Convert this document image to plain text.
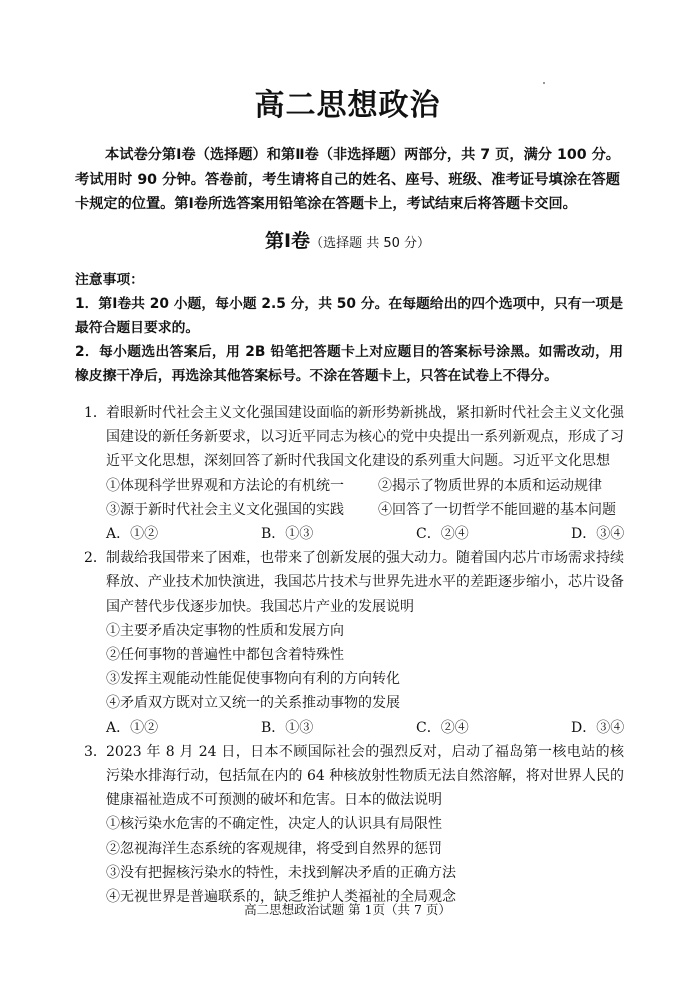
高二思想政治
本试卷分第Ⅰ卷（选择题）和第Ⅱ卷（非选择题）两部分，共 7 页，满分 100 分。考试用时 90 分钟。答卷前，考生请将自己的姓名、座号、班级、准考证号填涂在答题卡规定的位置。第Ⅰ卷所选答案用铅笔涂在答题卡上，考试结束后将答题卡交回。
第Ⅰ卷（选择题 共 50 分）
注意事项：
1．第Ⅰ卷共 20 小题，每小题 2.5 分，共 50 分。在每题给出的四个选项中，只有一项是最符合题目要求的。
2．每小题选出答案后，用 2B 铅笔把答题卡上对应题目的答案标号涂黑。如需改动，用橡皮擦干净后，再选涂其他答案标号。不涂在答题卡上，只答在试卷上不得分。
1． 着眼新时代社会主义文化强国建设面临的新形势新挑战，紧扣新时代社会主义文化强国建设的新任务新要求，以习近平同志为核心的党中央提出一系列新观点，形成了习近平文化思想，深刻回答了新时代我国文化建设的系列重大问题。习近平文化思想
①体现科学世界观和方法论的有机统一	②揭示了物质世界的本质和运动规律
③源于新时代社会主义文化强国的实践	④回答了一切哲学不能回避的基本问题
A．①②	B．①③	C．②④	D．③④
2． 制裁给我国带来了困难，也带来了创新发展的强大动力。随着国内芯片市场需求持续释放、产业技术加快演进，我国芯片技术与世界先进水平的差距逐步缩小，芯片设备国产替代步伐逐步加快。我国芯片产业的发展说明
①主要矛盾决定事物的性质和发展方向
②任何事物的普遍性中都包含着特殊性
③发挥主观能动性能促使事物向有利的方向转化
④矛盾双方既对立又统一的关系推动事物的发展
A．①②	B．①③	C．②④	D．③④
3． 2023 年 8 月 24 日，日本不顾国际社会的强烈反对，启动了福岛第一核电站的核污染水排海行动，包括氚在内的 64 种核放射性物质无法自然溶解，将对世界人民的健康福祉造成不可预测的破坏和危害。日本的做法说明
①核污染水危害的不确定性，决定人的认识具有局限性
②忽视海洋生态系统的客观规律，将受到自然界的惩罚
③没有把握核污染水的特性，未找到解决矛盾的正确方法
④无视世界是普遍联系的，缺乏维护人类福祉的全局观念
高二思想政治试题 第 1页（共 7 页）
